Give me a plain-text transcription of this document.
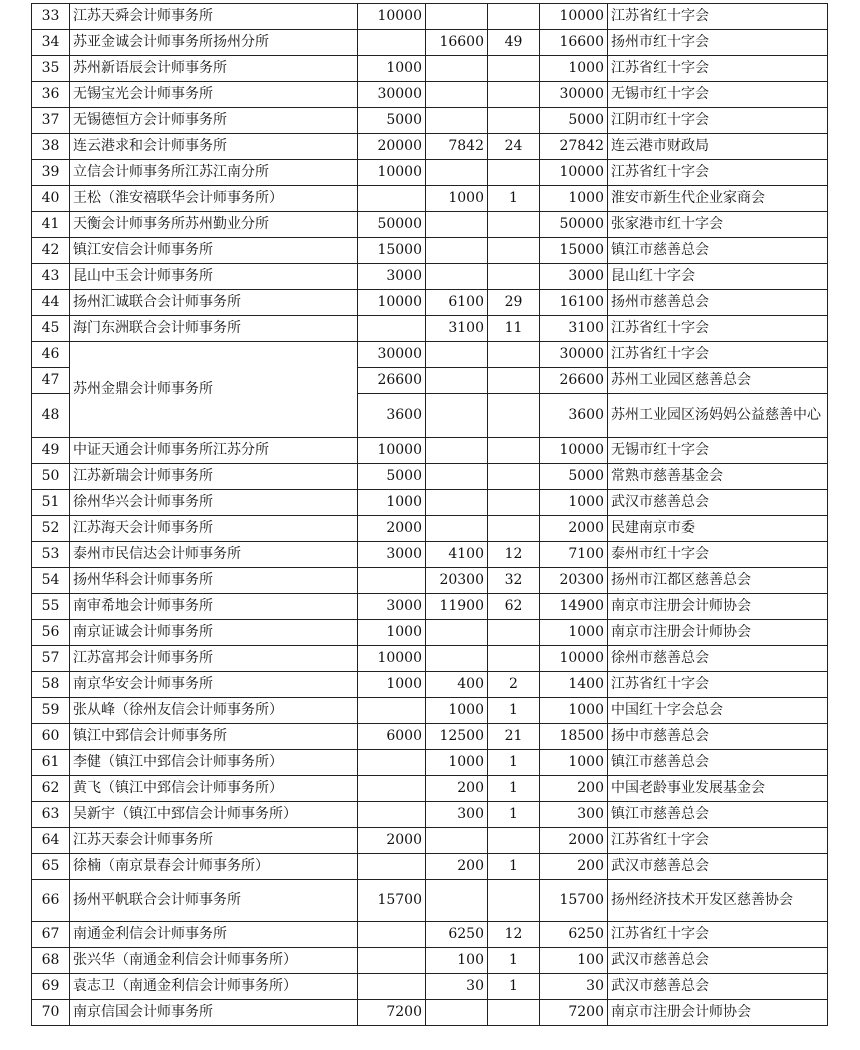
33	江苏天舜会计师事务所	10000			10000	江苏省红十字会
34	苏亚金诚会计师事务所扬州分所		16600	49	16600	扬州市红十字会
35	苏州新语辰会计师事务所	1000			1000	江苏省红十字会
36	无锡宝光会计师事务所	30000			30000	无锡市红十字会
37	无锡德恒方会计师事务所	5000			5000	江阴市红十字会
38	连云港求和会计师事务所	20000	7842	24	27842	连云港市财政局
39	立信会计师事务所江苏江南分所	10000			10000	江苏省红十字会
40	王松（淮安禧联华会计师事务所）		1000	1	1000	淮安市新生代企业家商会
41	天衡会计师事务所苏州勤业分所	50000			50000	张家港市红十字会
42	镇江安信会计师事务所	15000			15000	镇江市慈善总会
43	昆山中玉会计师事务所	3000			3000	昆山红十字会
44	扬州汇诚联合会计师事务所	10000	6100	29	16100	扬州市慈善总会
45	海门东洲联合会计师事务所		3100	11	3100	江苏省红十字会
46	苏州金鼎会计师事务所	30000			30000	江苏省红十字会
47		26600			26600	苏州工业园区慈善总会
48		3600			3600	苏州工业园区汤妈妈公益慈善中心
49	中证天通会计师事务所江苏分所	10000			10000	无锡市红十字会
50	江苏新瑞会计师事务所	5000			5000	常熟市慈善基金会
51	徐州华兴会计师事务所	1000			1000	武汉市慈善总会
52	江苏海天会计师事务所	2000			2000	民建南京市委
53	泰州市民信达会计师事务所	3000	4100	12	7100	泰州市红十字会
54	扬州华科会计师事务所		20300	32	20300	扬州市江都区慈善总会
55	南审希地会计师事务所	3000	11900	62	14900	南京市注册会计师协会
56	南京证诚会计师事务所	1000			1000	南京市注册会计师协会
57	江苏富邦会计师事务所	10000			10000	徐州市慈善总会
58	南京华安会计师事务所	1000	400	2	1400	江苏省红十字会
59	张从峰（徐州友信会计师事务所）		1000	1	1000	中国红十字会总会
60	镇江中郅信会计师事务所	6000	12500	21	18500	扬中市慈善总会
61	李健（镇江中郅信会计师事务所）		1000	1	1000	镇江市慈善总会
62	黄飞（镇江中郅信会计师事务所）		200	1	200	中国老龄事业发展基金会
63	吴新宇（镇江中郅信会计师事务所）		300	1	300	镇江市慈善总会
64	江苏天泰会计师事务所	2000			2000	江苏省红十字会
65	徐楠（南京景春会计师事务所）		200	1	200	武汉市慈善总会
66	扬州平帆联合会计师事务所	15700			15700	扬州经济技术开发区慈善协会
67	南通金利信会计师事务所		6250	12	6250	江苏省红十字会
68	张兴华（南通金利信会计师事务所）		100	1	100	武汉市慈善总会
69	袁志卫（南通金利信会计师事务所）		30	1	30	武汉市慈善总会
70	南京信国会计师事务所	7200			7200	南京市注册会计师协会
